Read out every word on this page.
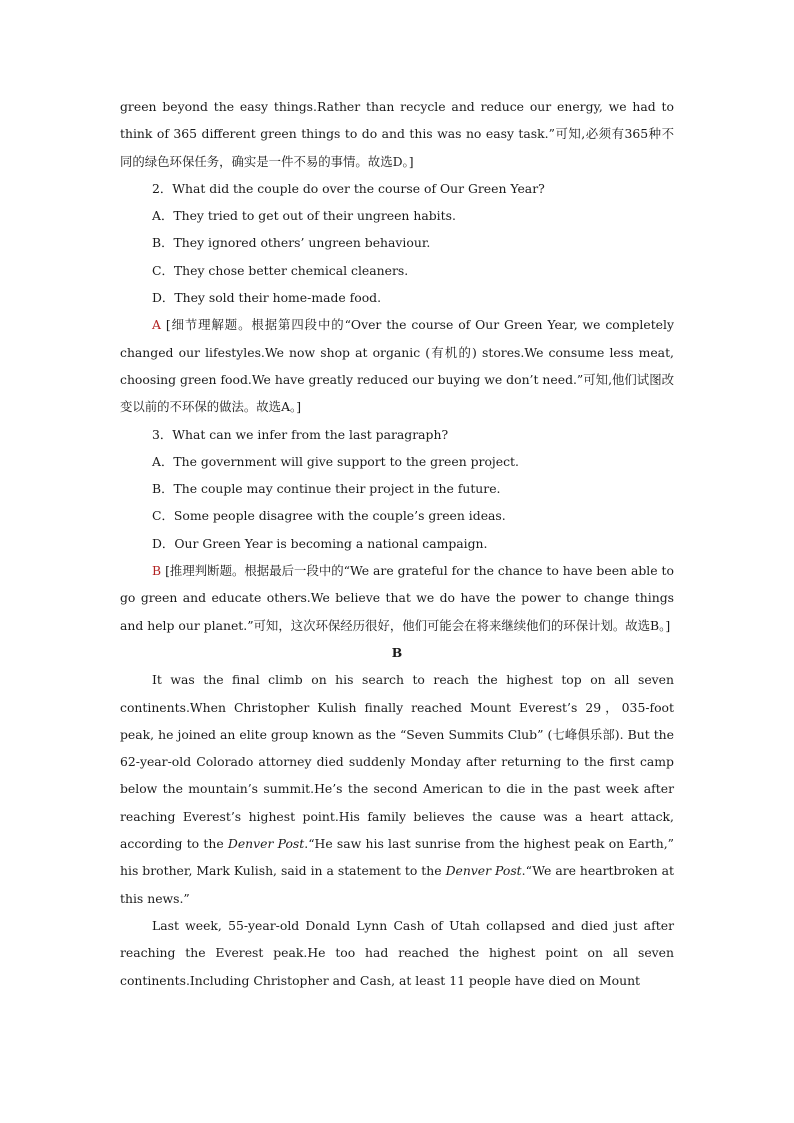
green beyond the easy things.Rather than recycle and reduce our energy, we had to think of 365 different green things to do and this was no easy task.”可知,必须有365种不同的绿色环保任务，确实是一件不易的事情。故选D。]

2．What did the couple do over the course of Our Green Year?

A．They tried to get out of their ungreen habits.

B．They ignored others’ ungreen behaviour.

C．They chose better chemical cleaners.

D．They sold their home-made food.

A [细节理解题。根据第四段中的“Over the course of Our Green Year, we completely changed our lifestyles.We now shop at organic (有机的) stores.We consume less meat, choosing green food.We have greatly reduced our buying we don’t need.”可知,他们试图改变以前的不环保的做法。故选A。]

3．What can we infer from the last paragraph?

A．The government will give support to the green project.

B．The couple may continue their project in the future.

C．Some people disagree with the couple’s green ideas.

D．Our Green Year is becoming a national campaign.

B [推理判断题。根据最后一段中的“We are grateful for the chance to have been able to go green and educate others.We believe that we do have the power to change things and help our planet.”可知，这次环保经历很好，他们可能会在将来继续他们的环保计划。故选B。]

B

It was the final climb on his search to reach the highest top on all seven continents.When Christopher Kulish finally reached Mount Everest’s 29，035-foot peak, he joined an elite group known as the “Seven Summits Club” (七峰俱乐部). But the 62-year-old Colorado attorney died suddenly Monday after returning to the first camp below the mountain’s summit.He’s the second American to die in the past week after reaching Everest’s highest point.His family believes the cause was a heart attack, according to the Denver Post.“He saw his last sunrise from the highest peak on Earth,” his brother, Mark Kulish, said in a statement to the Denver Post.“We are heartbroken at this news.”

Last week, 55-year-old Donald Lynn Cash of Utah collapsed and died just after reaching the Everest peak.He too had reached the highest point on all seven continents.Including Christopher and Cash, at least 11 people have died on Mount
